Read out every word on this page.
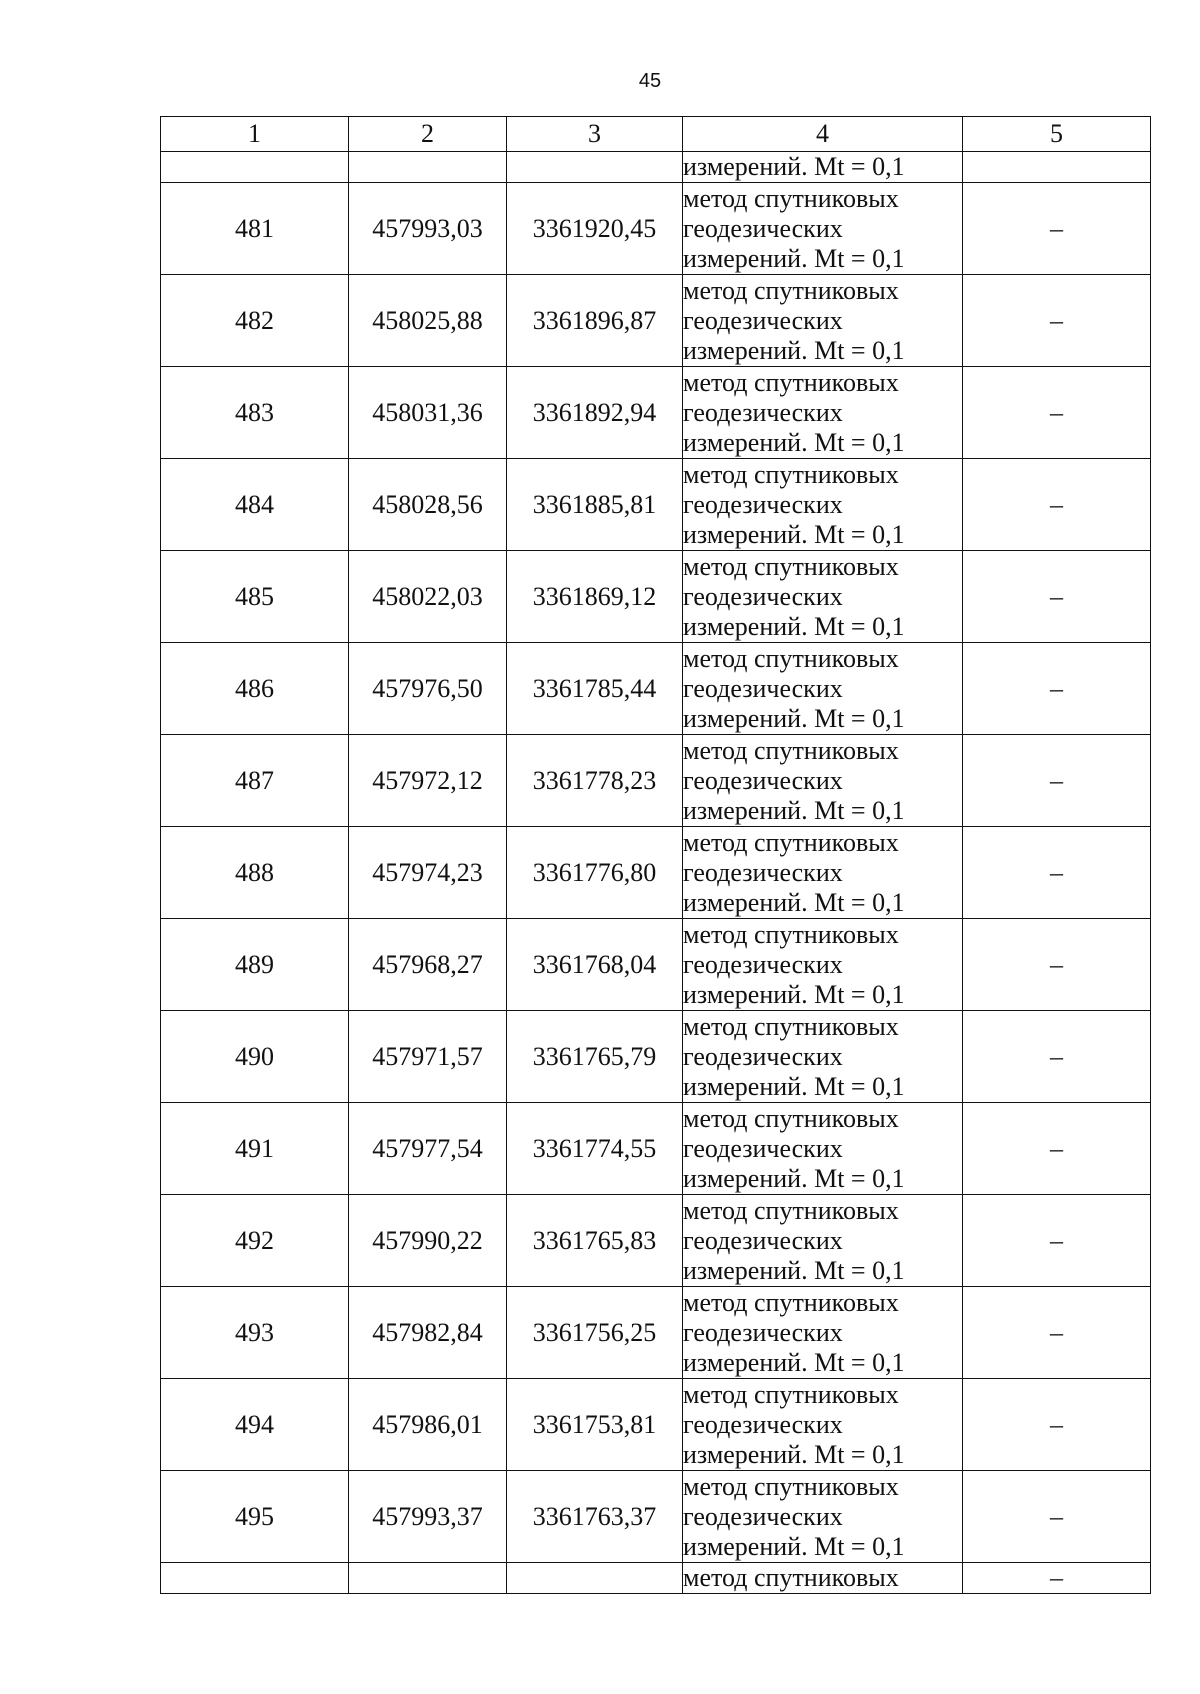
45
1	2	3	4	5
			измерений. Mt = 0,1	
481	457993,03	3361920,45	метод спутниковых
геодезических
измерений. Mt = 0,1	–
482	458025,88	3361896,87	метод спутниковых
геодезических
измерений. Mt = 0,1	–
483	458031,36	3361892,94	метод спутниковых
геодезических
измерений. Mt = 0,1	–
484	458028,56	3361885,81	метод спутниковых
геодезических
измерений. Mt = 0,1	–
485	458022,03	3361869,12	метод спутниковых
геодезических
измерений. Mt = 0,1	–
486	457976,50	3361785,44	метод спутниковых
геодезических
измерений. Mt = 0,1	–
487	457972,12	3361778,23	метод спутниковых
геодезических
измерений. Mt = 0,1	–
488	457974,23	3361776,80	метод спутниковых
геодезических
измерений. Mt = 0,1	–
489	457968,27	3361768,04	метод спутниковых
геодезических
измерений. Mt = 0,1	–
490	457971,57	3361765,79	метод спутниковых
геодезических
измерений. Mt = 0,1	–
491	457977,54	3361774,55	метод спутниковых
геодезических
измерений. Mt = 0,1	–
492	457990,22	3361765,83	метод спутниковых
геодезических
измерений. Mt = 0,1	–
493	457982,84	3361756,25	метод спутниковых
геодезических
измерений. Mt = 0,1	–
494	457986,01	3361753,81	метод спутниковых
геодезических
измерений. Mt = 0,1	–
495	457993,37	3361763,37	метод спутниковых
геодезических
измерений. Mt = 0,1	–
			метод спутниковых	–
